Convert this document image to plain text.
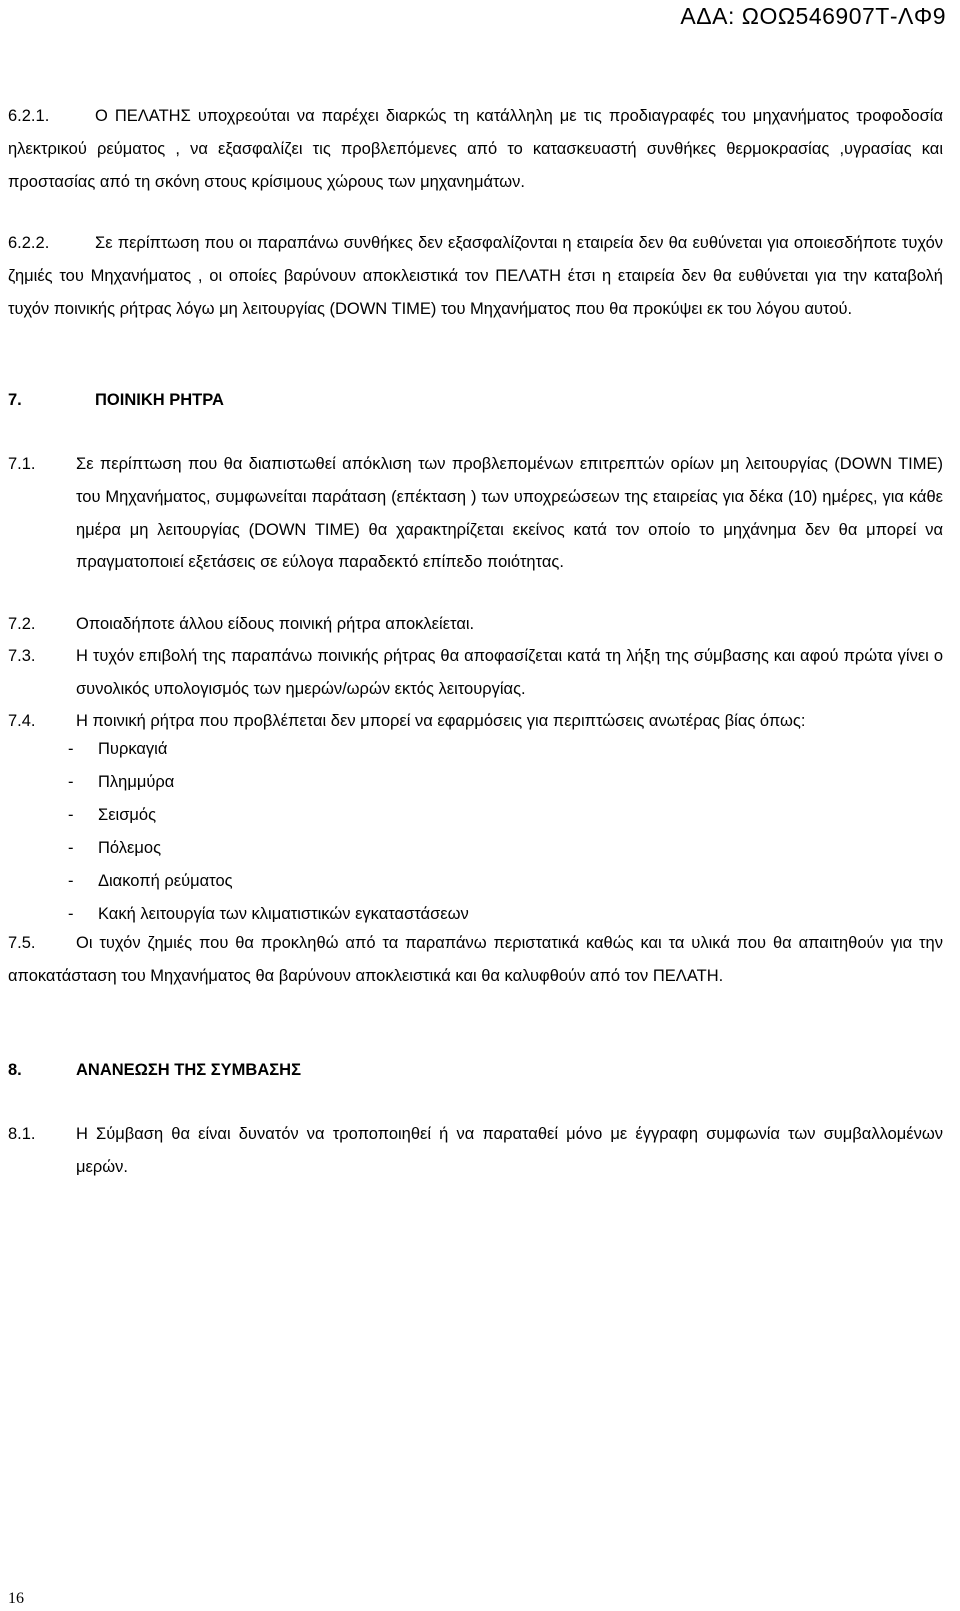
ΑΔΑ: ΩΟΩ546907Τ-ΛΦ9
6.2.1.	Ο ΠΕΛΑΤΗΣ υποχρεούται να παρέχει διαρκώς τη κατάλληλη με τις προδιαγραφές του μηχανήματος τροφοδοσία ηλεκτρικού ρεύματος , να εξασφαλίζει τις προβλεπόμενες από το κατασκευαστή συνθήκες θερμοκρασίας ,υγρασίας και προστασίας από τη σκόνη στους κρίσιμους χώρους των μηχανημάτων.
6.2.2.	Σε περίπτωση που οι παραπάνω συνθήκες δεν εξασφαλίζονται η εταιρεία δεν θα ευθύνεται για οποιεσδήποτε τυχόν ζημιές του Μηχανήματος , οι οποίες βαρύνουν αποκλειστικά τον ΠΕΛΑΤΗ έτσι η εταιρεία δεν θα ευθύνεται για την καταβολή τυχόν ποινικής ρήτρας λόγω μη λειτουργίας (DOWN TIME) του Μηχανήματος που θα προκύψει εκ του λόγου αυτού.
7.	ΠΟΙΝΙΚΗ ΡΗΤΡΑ
7.1.	Σε περίπτωση που θα διαπιστωθεί απόκλιση των προβλεπομένων επιτρεπτών ορίων μη λειτουργίας (DOWN TIME) του Μηχανήματος, συμφωνείται παράταση (επέκταση ) των υποχρεώσεων της εταιρείας για δέκα (10) ημέρες, για κάθε ημέρα μη λειτουργίας (DOWN TIME) θα χαρακτηρίζεται εκείνος κατά τον οποίο το μηχάνημα δεν θα μπορεί να πραγματοποιεί εξετάσεις σε εύλογα παραδεκτό επίπεδο ποιότητας.
7.2.	Οποιαδήποτε άλλου είδους ποινική ρήτρα αποκλείεται.
7.3.	Η τυχόν επιβολή της παραπάνω ποινικής ρήτρας θα αποφασίζεται κατά τη λήξη της σύμβασης και αφού πρώτα γίνει ο συνολικός υπολογισμός των ημερών/ωρών εκτός λειτουργίας.
7.4.	Η ποινική ρήτρα που προβλέπεται δεν μπορεί να εφαρμόσεις για περιπτώσεις ανωτέρας βίας όπως:
- Πυρκαγιά
- Πλημμύρα
- Σεισμός
- Πόλεμος
- Διακοπή ρεύματος
- Κακή λειτουργία των κλιματιστικών εγκαταστάσεων
7.5.	Οι τυχόν ζημιές που θα προκληθώ από τα παραπάνω περιστατικά καθώς και τα υλικά που θα απαιτηθούν για την αποκατάσταση του Μηχανήματος θα βαρύνουν αποκλειστικά και θα καλυφθούν από τον ΠΕΛΑΤΗ.
8.	ΑΝΑΝΕΩΣΗ ΤΗΣ ΣΥΜΒΑΣΗΣ
8.1.	Η Σύμβαση θα είναι δυνατόν να τροποποιηθεί ή να παραταθεί μόνο με έγγραφη συμφωνία των συμβαλλομένων μερών.
16
